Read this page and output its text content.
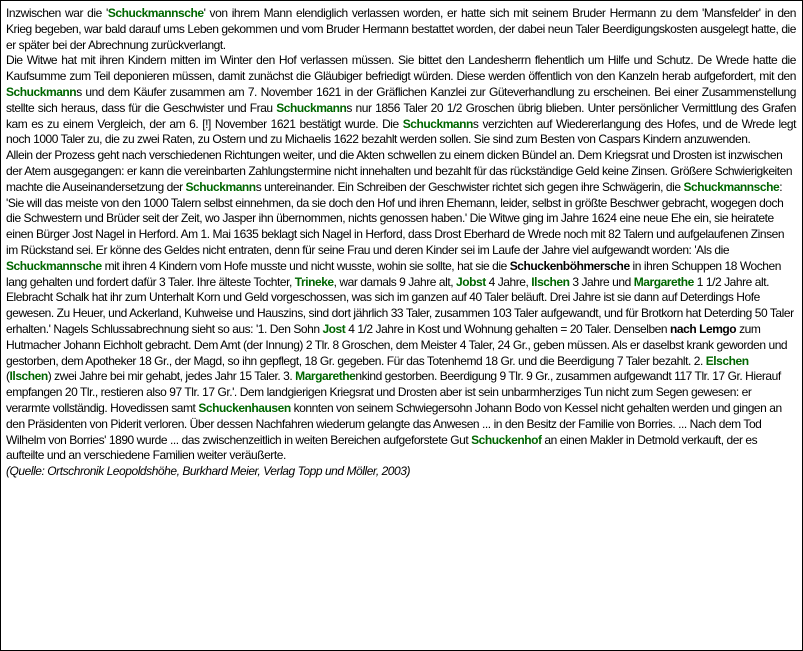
Inzwischen war die 'Schuckmannsche' von ihrem Mann elendiglich verlassen worden, er hatte sich mit seinem Bruder Hermann zu dem 'Mansfelder' in den Krieg begeben, war bald darauf ums Leben gekommen und vom Bruder Hermann bestattet worden, der dabei neun Taler Beerdigungskosten ausgelegt hatte, die er später bei der Abrechnung zurückverlangt.

Die Witwe hat mit ihren Kindern mitten im Winter den Hof verlassen müssen. Sie bittet den Landesherrn flehentlich um Hilfe und Schutz. De Wrede hatte die Kaufsumme zum Teil deponieren müssen, damit zunächst die Gläubiger befriedigt würden. Diese werden öffentlich von den Kanzeln herab aufgefordert, mit den Schuckmanns und dem Käufer zusammen am 7. November 1621 in der Gräflichen Kanzlei zur Güteverhandlung zu erscheinen. Bei einer Zusammenstellung stellte sich heraus, dass für die Geschwister und Frau Schuckmanns nur 1856 Taler 20 1/2 Groschen übrig blieben. Unter persönlicher Vermittlung des Grafen kam es zu einem Vergleich, der am 6. [!] November 1621 bestätigt wurde. Die Schuckmanns verzichten auf Wiedererlangung des Hofes, und de Wrede legt noch 1000 Taler zu, die zu zwei Raten, zu Ostern und zu Michaelis 1622 bezahlt werden sollen. Sie sind zum Besten von Caspars Kindern anzuwenden.

Allein der Prozess geht nach verschiedenen Richtungen weiter, und die Akten schwellen zu einem dicken Bündel an. Dem Kriegsrat und Drosten ist inzwischen der Atem ausgegangen: er kann die vereinbarten Zahlungstermine nicht innehalten und bezahlt für das rückständige Geld keine Zinsen. Größere Schwierigkeiten machte die Auseinandersetzung der Schuckmanns untereinander. Ein Schreiben der Geschwister richtet sich gegen ihre Schwägerin, die Schuckmannsche: 'Sie will das meiste von den 1000 Talern selbst einnehmen, da sie doch den Hof und ihren Ehemann, leider, selbst in größte Beschwer gebracht, wogegen doch die Schwestern und Brüder seit der Zeit, wo Jasper ihn übernommen, nichts genossen haben.' Die Witwe ging im Jahre 1624 eine neue Ehe ein, sie heiratete einen Bürger Jost Nagel in Herford. Am 1. Mai 1635 beklagt sich Nagel in Herford, dass Drost Eberhard de Wrede noch mit 82 Talern und aufgelaufenen Zinsen im Rückstand sei. Er könne des Geldes nicht entraten, denn für seine Frau und deren Kinder sei im Laufe der Jahre viel aufgewandt worden: 'Als die Schuckmannsche mit ihren 4 Kindern vom Hofe musste und nicht wusste, wohin sie sollte, hat sie die Schuckenböhmersche in ihren Schuppen 18 Wochen lang gehalten und fordert dafür 3 Taler. Ihre älteste Tochter, Trineke, war damals 9 Jahre alt, Jobst 4 Jahre, Ilschen 3 Jahre und Margarethe 1 1/2 Jahre alt. Elebracht Schalk hat ihr zum Unterhalt Korn und Geld vorgeschossen, was sich im ganzen auf 40 Taler beläuft. Drei Jahre ist sie dann auf Deterdings Hofe gewesen. Zu Heuer, und Ackerland, Kuhweise und Hauszins, sind dort jährlich 33 Taler, zusammen 103 Taler aufgewandt, und für Brotkorn hat Deterding 50 Taler erhalten.' Nagels Schlussabrechnung sieht so aus: '1. Den Sohn Jost 4 1/2 Jahre in Kost und Wohnung gehalten = 20 Taler. Denselben nach Lemgo zum Hutmacher Johann Eichholt gebracht. Dem Amt (der Innung) 2 Tlr. 8 Groschen, dem Meister 4 Taler, 24 Gr., geben müssen. Als er daselbst krank geworden und gestorben, dem Apotheker 18 Gr., der Magd, so ihn gepflegt, 18 Gr. gegeben. Für das Totenhemd 18 Gr. und die Beerdigung 7 Taler bezahlt. 2. Elschen (Ilschen) zwei Jahre bei mir gehabt, jedes Jahr 15 Taler. 3. Margarethenkind gestorben. Beerdigung 9 Tlr. 9 Gr., zusammen aufgewandt 117 Tlr. 17 Gr. Hierauf empfangen 20 Tlr., restieren also 97 Tlr. 17 Gr.'. Dem landgierigen Kriegsrat und Drosten aber ist sein unbarmherziges Tun nicht zum Segen gewesen: er verarmte vollständig. Hovedissen samt Schuckenhausen konnten von seinem Schwiegersohn Johann Bodo von Kessel nicht gehalten werden und gingen an den Präsidenten von Piderit verloren. Über dessen Nachfahren wiederum gelangte das Anwesen ... in den Besitz der Familie von Borries. ... Nach dem Tod Wilhelm von Borries' 1890 wurde ... das zwischenzeitlich in weiten Bereichen aufgeforstete Gut Schuckenhof an einen Makler in Detmold verkauft, der es aufteilte und an verschiedene Familien weiter veräußerte.

(Quelle: Ortschronik Leopoldshöhe, Burkhard Meier, Verlag Topp und Möller, 2003)
